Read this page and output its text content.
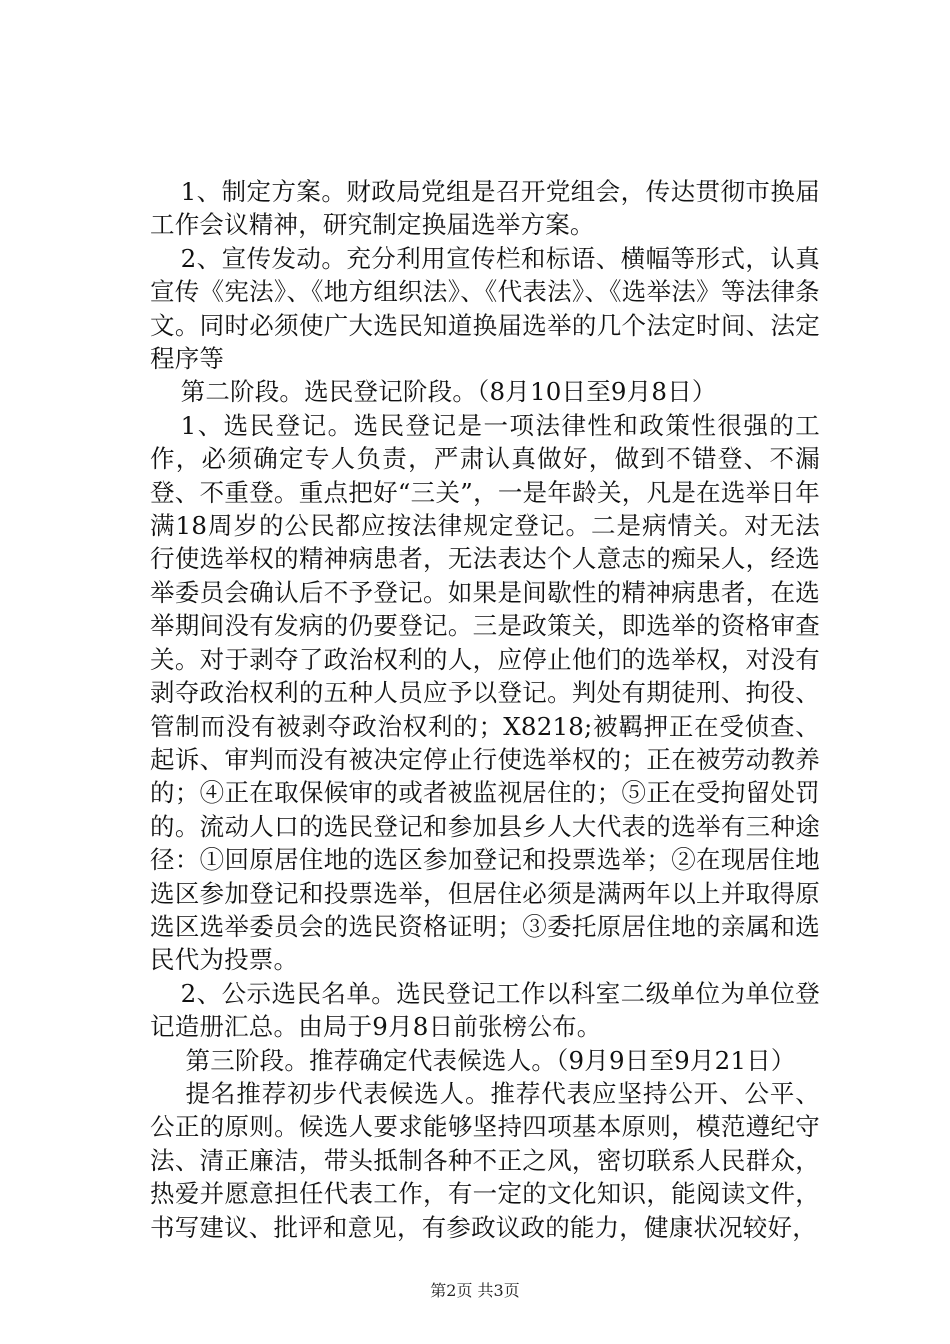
1、制定方案。财政局党组是召开党组会，传达贯彻市换届工作会议精神，研究制定换届选举方案。

2、宣传发动。充分利用宣传栏和标语、横幅等形式，认真宣传《宪法》、《地方组织法》、《代表法》、《选举法》等法律条文。同时必须使广大选民知道换届选举的几个法定时间、法定程序等

第二阶段。选民登记阶段。（8月10日至9月8日）

1、选民登记。选民登记是一项法律性和政策性很强的工作，必须确定专人负责，严肃认真做好，做到不错登、不漏登、不重登。重点把好“三关”，一是年龄关，凡是在选举日年满18周岁的公民都应按法律规定登记。二是病情关。对无法行使选举权的精神病患者，无法表达个人意志的痴呆人，经选举委员会确认后不予登记。如果是间歇性的精神病患者，在选举期间没有发病的仍要登记。三是政策关，即选举的资格审查关。对于剥夺了政治权利的人，应停止他们的选举权，对没有剥夺政治权利的五种人员应予以登记。判处有期徒刑、拘役、管制而没有被剥夺政治权利的；X8218;被羁押正在受侦查、起诉、审判而没有被决定停止行使选举权的；正在被劳动教养的；④正在取保候审的或者被监视居住的；⑤正在受拘留处罚的。流动人口的选民登记和参加县乡人大代表的选举有三种途径：①回原居住地的选区参加登记和投票选举；②在现居住地选区参加登记和投票选举，但居住必须是满两年以上并取得原选区选举委员会的选民资格证明；③委托原居住地的亲属和选民代为投票。

2、公示选民名单。选民登记工作以科室二级单位为单位登记造册汇总。由局于9月8日前张榜公布。

第三阶段。推荐确定代表候选人。（9月9日至9月21日）

提名推荐初步代表候选人。推荐代表应坚持公开、公平、公正的原则。候选人要求能够坚持四项基本原则，模范遵纪守法、清正廉洁，带头抵制各种不正之风，密切联系人民群众，热爱并愿意担任代表工作，有一定的文化知识，能阅读文件，书写建议、批评和意见，有参政议政的能力，健康状况较好，

第2页 共3页
